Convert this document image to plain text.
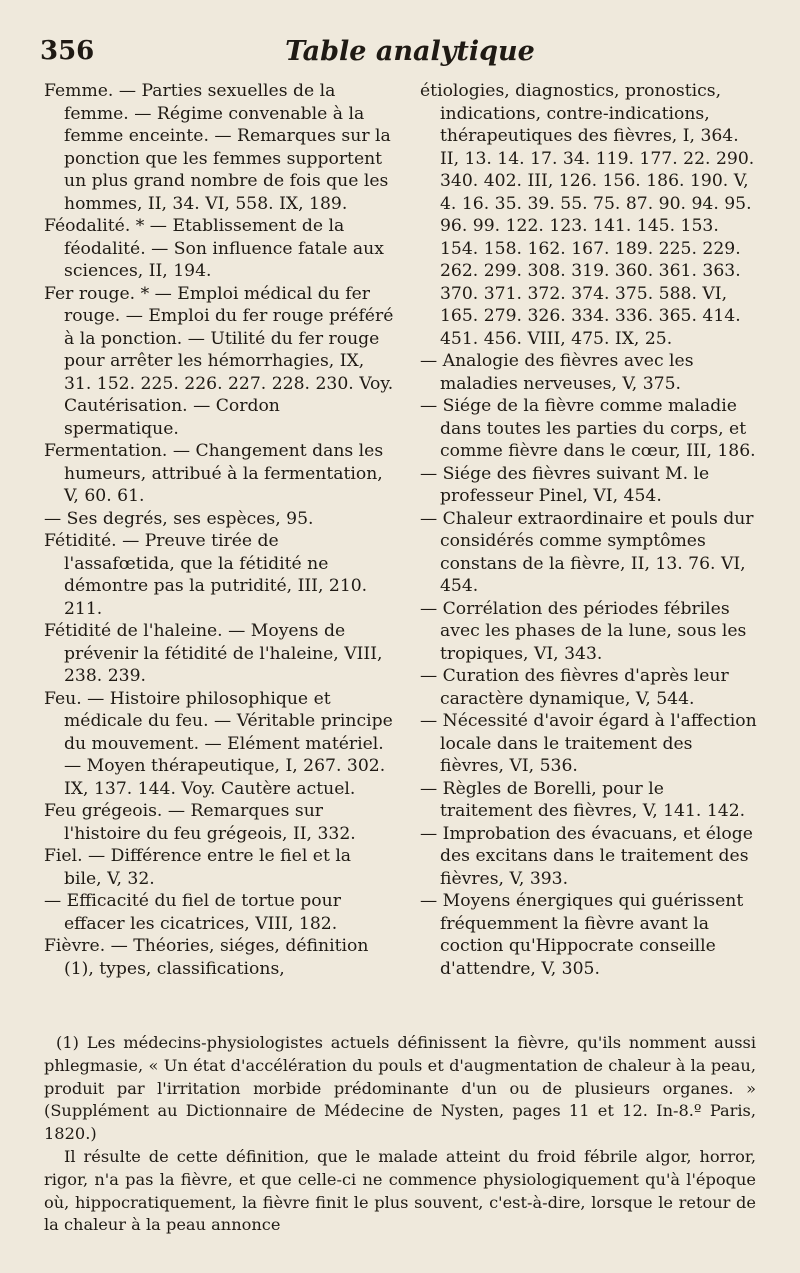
Table analytique
356

Femme. — Parties sexuelles de la femme. — Régime convenable à la femme enceinte. — Remarques sur la ponction que les femmes supportent un plus grand nombre de fois que les hommes, II, 34. VI, 558. IX, 189.

Féodalité. * — Etablissement de la féodalité. — Son influence fatale aux sciences, II, 194.

Fer rouge. * — Emploi médical du fer rouge. — Emploi du fer rouge préféré à la ponction. — Utilité du fer rouge pour arrêter les hémorrhagies, IX, 31. 152. 225. 226. 227. 228. 230. Voy. Cautérisation. — Cordon spermatique.

Fermentation. — Changement dans les humeurs, attribué à la fermentation, V, 60. 61.

— Ses degrés, ses espèces, 95.

Fétidité. — Preuve tirée de l'assafœtida, que la fétidité ne démontre pas la putridité, III, 210. 211.

Fétidité de l'haleine. — Moyens de prévenir la fétidité de l'haleine, VIII, 238. 239.

Feu. — Histoire philosophique et médicale du feu. — Véritable principe du mouvement. — Elément matériel. — Moyen thérapeutique, I, 267. 302. IX, 137. 144. Voy. Cautère actuel.

Feu grégeois. — Remarques sur l'histoire du feu grégeois, II, 332.

Fiel. — Différence entre le fiel et la bile, V, 32.

— Efficacité du fiel de tortue pour effacer les cicatrices, VIII, 182.

Fièvre. — Théories, siéges, définition (1), types, classifications,

étiologies, diagnostics, pronostics, indications, contre-indications, thérapeutiques des fièvres, I, 364. II, 13. 14. 17. 34. 119. 177. 22. 290. 340. 402. III, 126. 156. 186. 190. V, 4. 16. 35. 39. 55. 75. 87. 90. 94. 95. 96. 99. 122. 123. 141. 145. 153. 154. 158. 162. 167. 189. 225. 229. 262. 299. 308. 319. 360. 361. 363. 370. 371. 372. 374. 375. 588. VI, 165. 279. 326. 334. 336. 365. 414. 451. 456. VIII, 475. IX, 25.

— Analogie des fièvres avec les maladies nerveuses, V, 375.

— Siége de la fièvre comme maladie dans toutes les parties du corps, et comme fièvre dans le cœur, III, 186.

— Siége des fièvres suivant M. le professeur Pinel, VI, 454.

— Chaleur extraordinaire et pouls dur considérés comme symptômes constans de la fièvre, II, 13. 76. VI, 454.

— Corrélation des périodes fébriles avec les phases de la lune, sous les tropiques, VI, 343.

— Curation des fièvres d'après leur caractère dynamique, V, 544.

— Nécessité d'avoir égard à l'affection locale dans le traitement des fièvres, VI, 536.

— Règles de Borelli, pour le traitement des fièvres, V, 141. 142.

— Improbation des évacuans, et éloge des excitans dans le traitement des fièvres, V, 393.

— Moyens énergiques qui guérissent fréquemment la fièvre avant la coction qu'Hippocrate conseille d'attendre, V, 305.

(1) Les médecins-physiologistes actuels définissent la fièvre, qu'ils nomment aussi phlegmasie, « Un état d'accélération du pouls et d'augmentation de chaleur à la peau, produit par l'irritation morbide prédominante d'un ou de plusieurs organes. » (Supplément au Dictionnaire de Médecine de Nysten, pages 11 et 12. In-8.º Paris, 1820.)

Il résulte de cette définition, que le malade atteint du froid fébrile algor, horror, rigor, n'a pas la fièvre, et que celle-ci ne commence physiologiquement qu'à l'époque où, hippocratiquement, la fièvre finit le plus souvent, c'est-à-dire, lorsque le retour de la chaleur à la peau annonce
